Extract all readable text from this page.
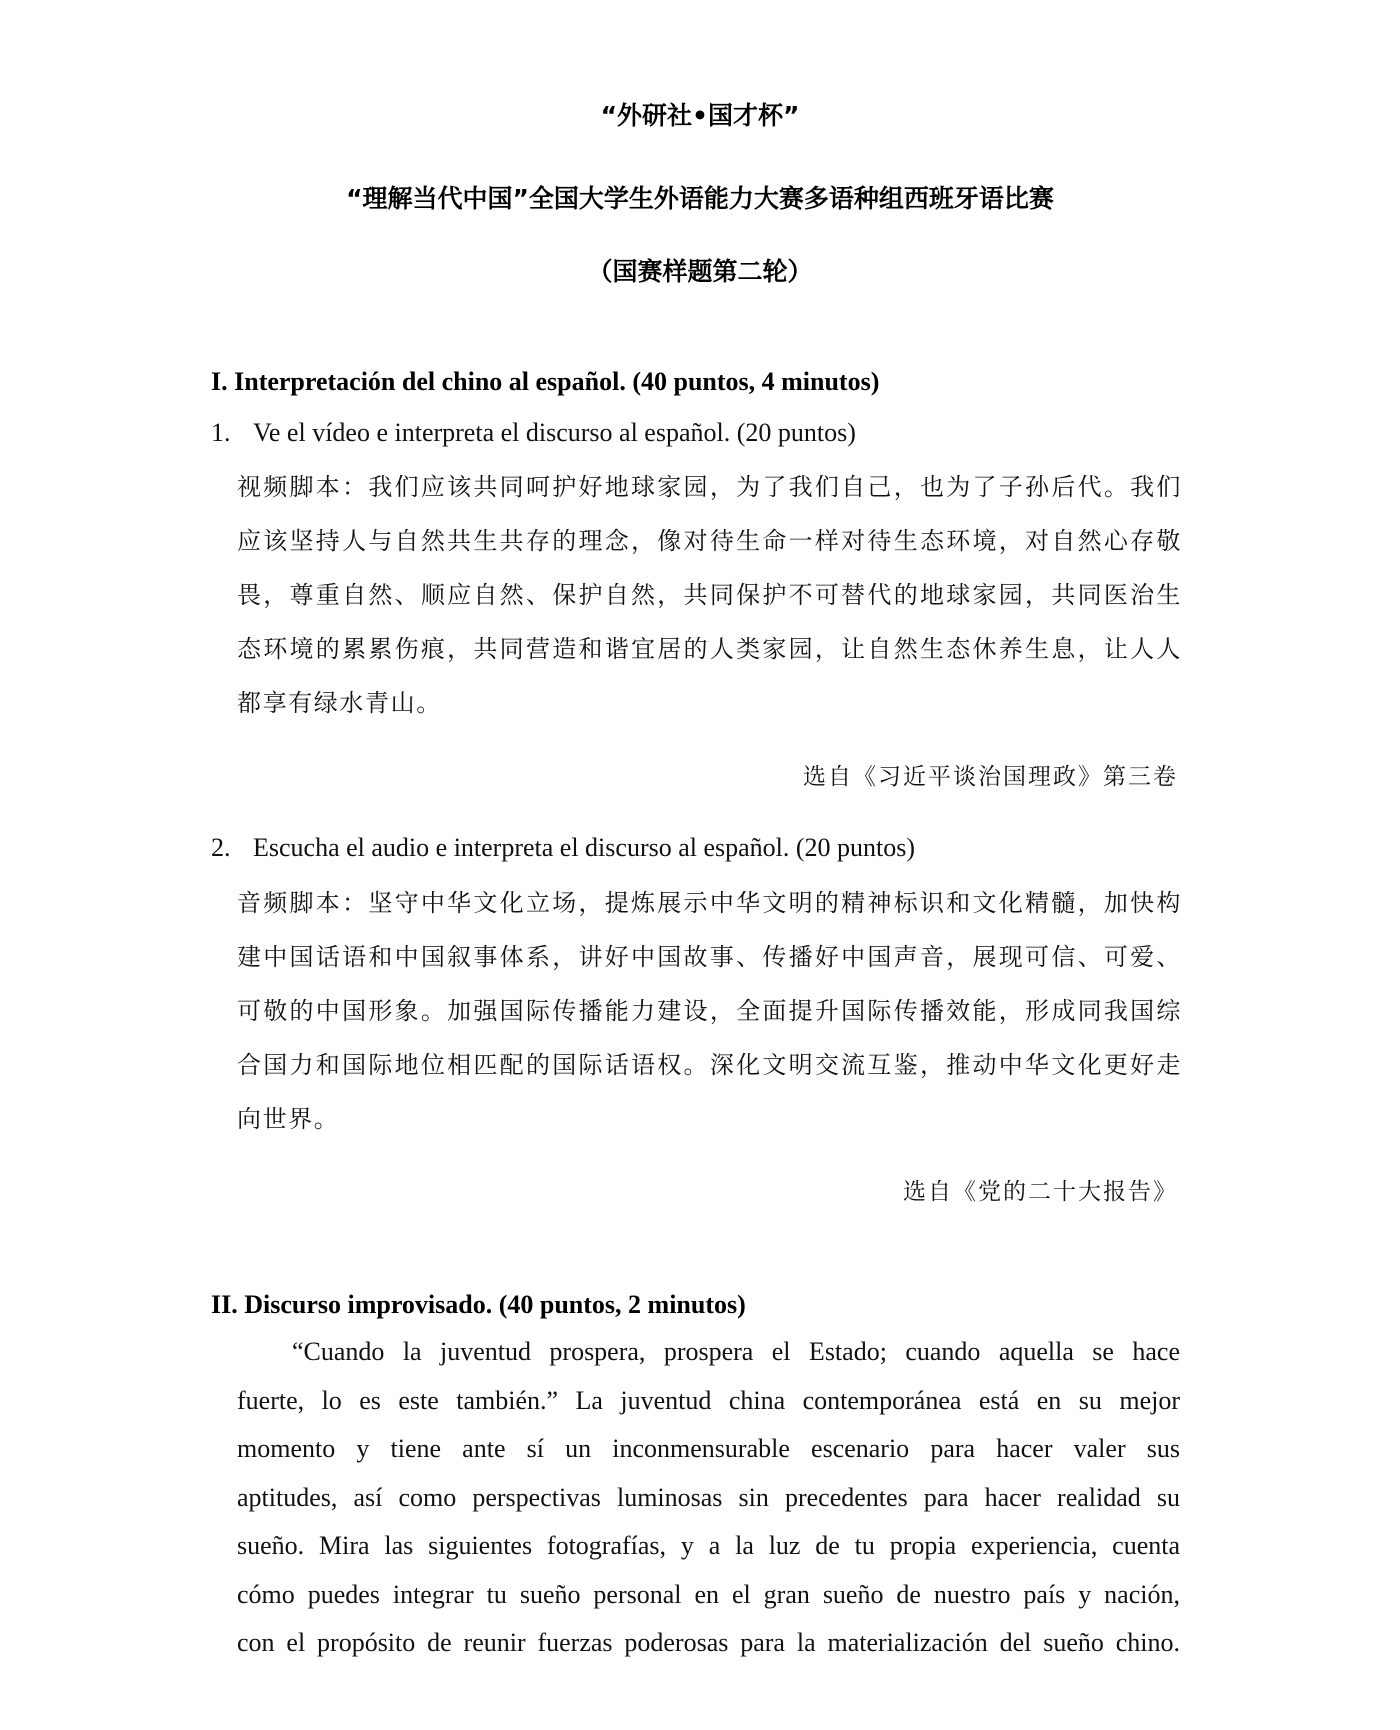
“外研社•国才杯”
“理解当代中国”全国大学生外语能力大赛多语种组西班牙语比赛
（国赛样题第二轮）
I. Interpretación del chino al español. (40 puntos, 4 minutos)
1. Ve el vídeo e interpreta el discurso al español. (20 puntos)
视频脚本：我们应该共同呵护好地球家园，为了我们自己，也为了子孙后代。我们应该坚持人与自然共生共存的理念，像对待生命一样对待生态环境，对自然心存敬畏，尊重自然、顺应自然、保护自然，共同保护不可替代的地球家园，共同医治生态环境的累累伤痕，共同营造和谐宜居的人类家园，让自然生态休养生息，让人人都享有绿水青山。
选自《习近平谈治国理政》第三卷
2. Escucha el audio e interpreta el discurso al español. (20 puntos)
音频脚本：坚守中华文化立场，提炼展示中华文明的精神标识和文化精髓，加快构建中国话语和中国叙事体系，讲好中国故事、传播好中国声音，展现可信、可爱、可敬的中国形象。加强国际传播能力建设，全面提升国际传播效能，形成同我国综合国力和国际地位相匹配的国际话语权。深化文明交流互鉴，推动中华文化更好走向世界。
选自《党的二十大报告》
II. Discurso improvisado. (40 puntos, 2 minutos)
“Cuando la juventud prospera, prospera el Estado; cuando aquella se hace
fuerte, lo es este también.” La juventud china contemporánea está en su mejor
momento y tiene ante sí un inconmensurable escenario para hacer valer sus
aptitudes, así como perspectivas luminosas sin precedentes para hacer realidad su
sueño. Mira las siguientes fotografías, y a la luz de tu propia experiencia, cuenta
cómo puedes integrar tu sueño personal en el gran sueño de nuestro país y nación,
con el propósito de reunir fuerzas poderosas para la materialización del sueño chino.
